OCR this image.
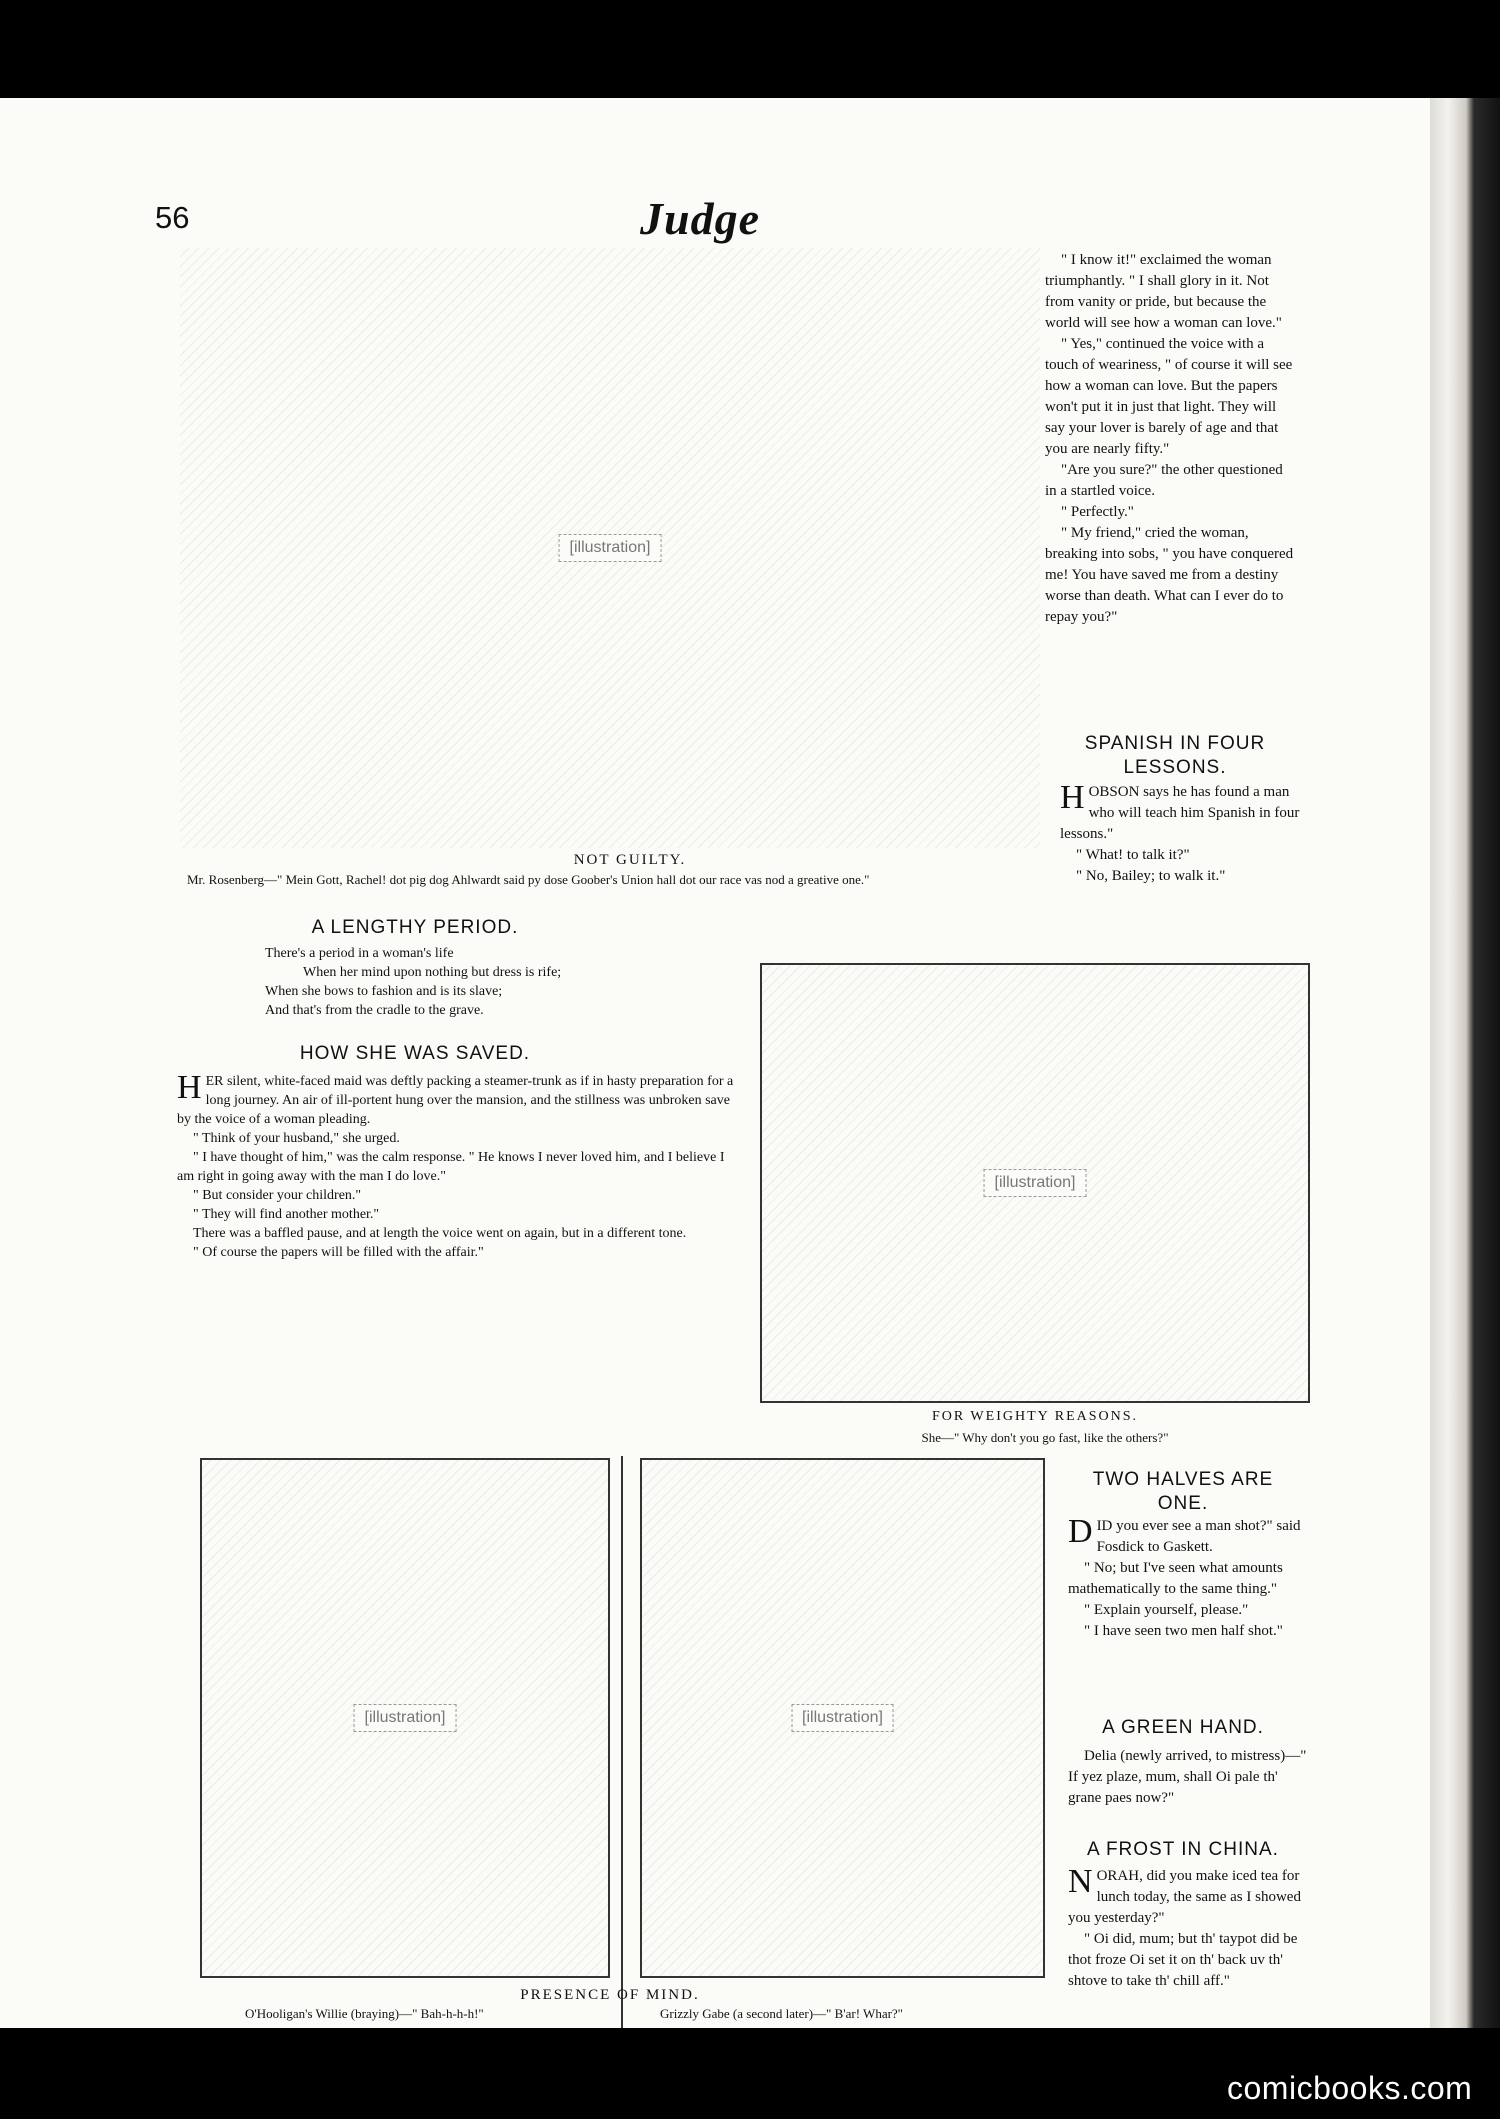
56	Judge
[illustration]
NOT GUILTY.
Mr. Rosenberg—" Mein Gott, Rachel! dot pig dog Ahlwardt said py dose Goober's Union hall dot our race vas nod a greative one."

" I know it!" exclaimed the woman triumphantly. " I shall glory in it. Not from vanity or pride, but because the world will see how a woman can love."

" Yes," continued the voice with a touch of weariness, " of course it will see how a woman can love. But the papers won't put it in just that light. They will say your lover is barely of age and that you are nearly fifty."

"Are you sure?" the other questioned in a startled voice.

" Perfectly."

" My friend," cried the woman, breaking into sobs, " you have conquered me! You have saved me from a destiny worse than death. What can I ever do to repay you?"

SPANISH IN FOUR LESSONS.

HOBSON says he has found a man who will teach him Spanish in four lessons."

" What! to talk it?"

" No, Bailey; to walk it."

A LENGTHY PERIOD.
There's a period in a woman's life
When her mind upon nothing but dress is rife;
When she bows to fashion and is its slave;
And that's from the cradle to the grave.
HOW SHE WAS SAVED.

HER silent, white-faced maid was deftly packing a steamer-trunk as if in hasty preparation for a long journey. An air of ill-portent hung over the mansion, and the stillness was unbroken save by the voice of a woman pleading.

" Think of your husband," she urged.

" I have thought of him," was the calm response. " He knows I never loved him, and I believe I am right in going away with the man I do love."

" But consider your children."

" They will find another mother."

There was a baffled pause, and at length the voice went on again, but in a different tone.

" Of course the papers will be filled with the affair."

[illustration]
FOR WEIGHTY REASONS.
She—" Why don't you go fast, like the others?"
TWO HALVES ARE ONE.

DID you ever see a man shot?" said Fosdick to Gaskett.

" No; but I've seen what amounts mathematically to the same thing."

" Explain yourself, please."

" I have seen two men half shot."

A GREEN HAND.

Delia (newly arrived, to mistress)—" If yez plaze, mum, shall Oi pale th' grane paes now?"

A FROST IN CHINA.

NORAH, did you make iced tea for lunch today, the same as I showed you yesterday?"

" Oi did, mum; but th' taypot did be thot froze Oi set it on th' back uv th' shtove to take th' chill aff."

[illustration]	[illustration]
PRESENCE OF MIND.
O'Hooligan's Willie (braying)—" Bah-h-h-h!"	Grizzly Gabe (a second later)—" B'ar! Whar?"
comicbooks.com
